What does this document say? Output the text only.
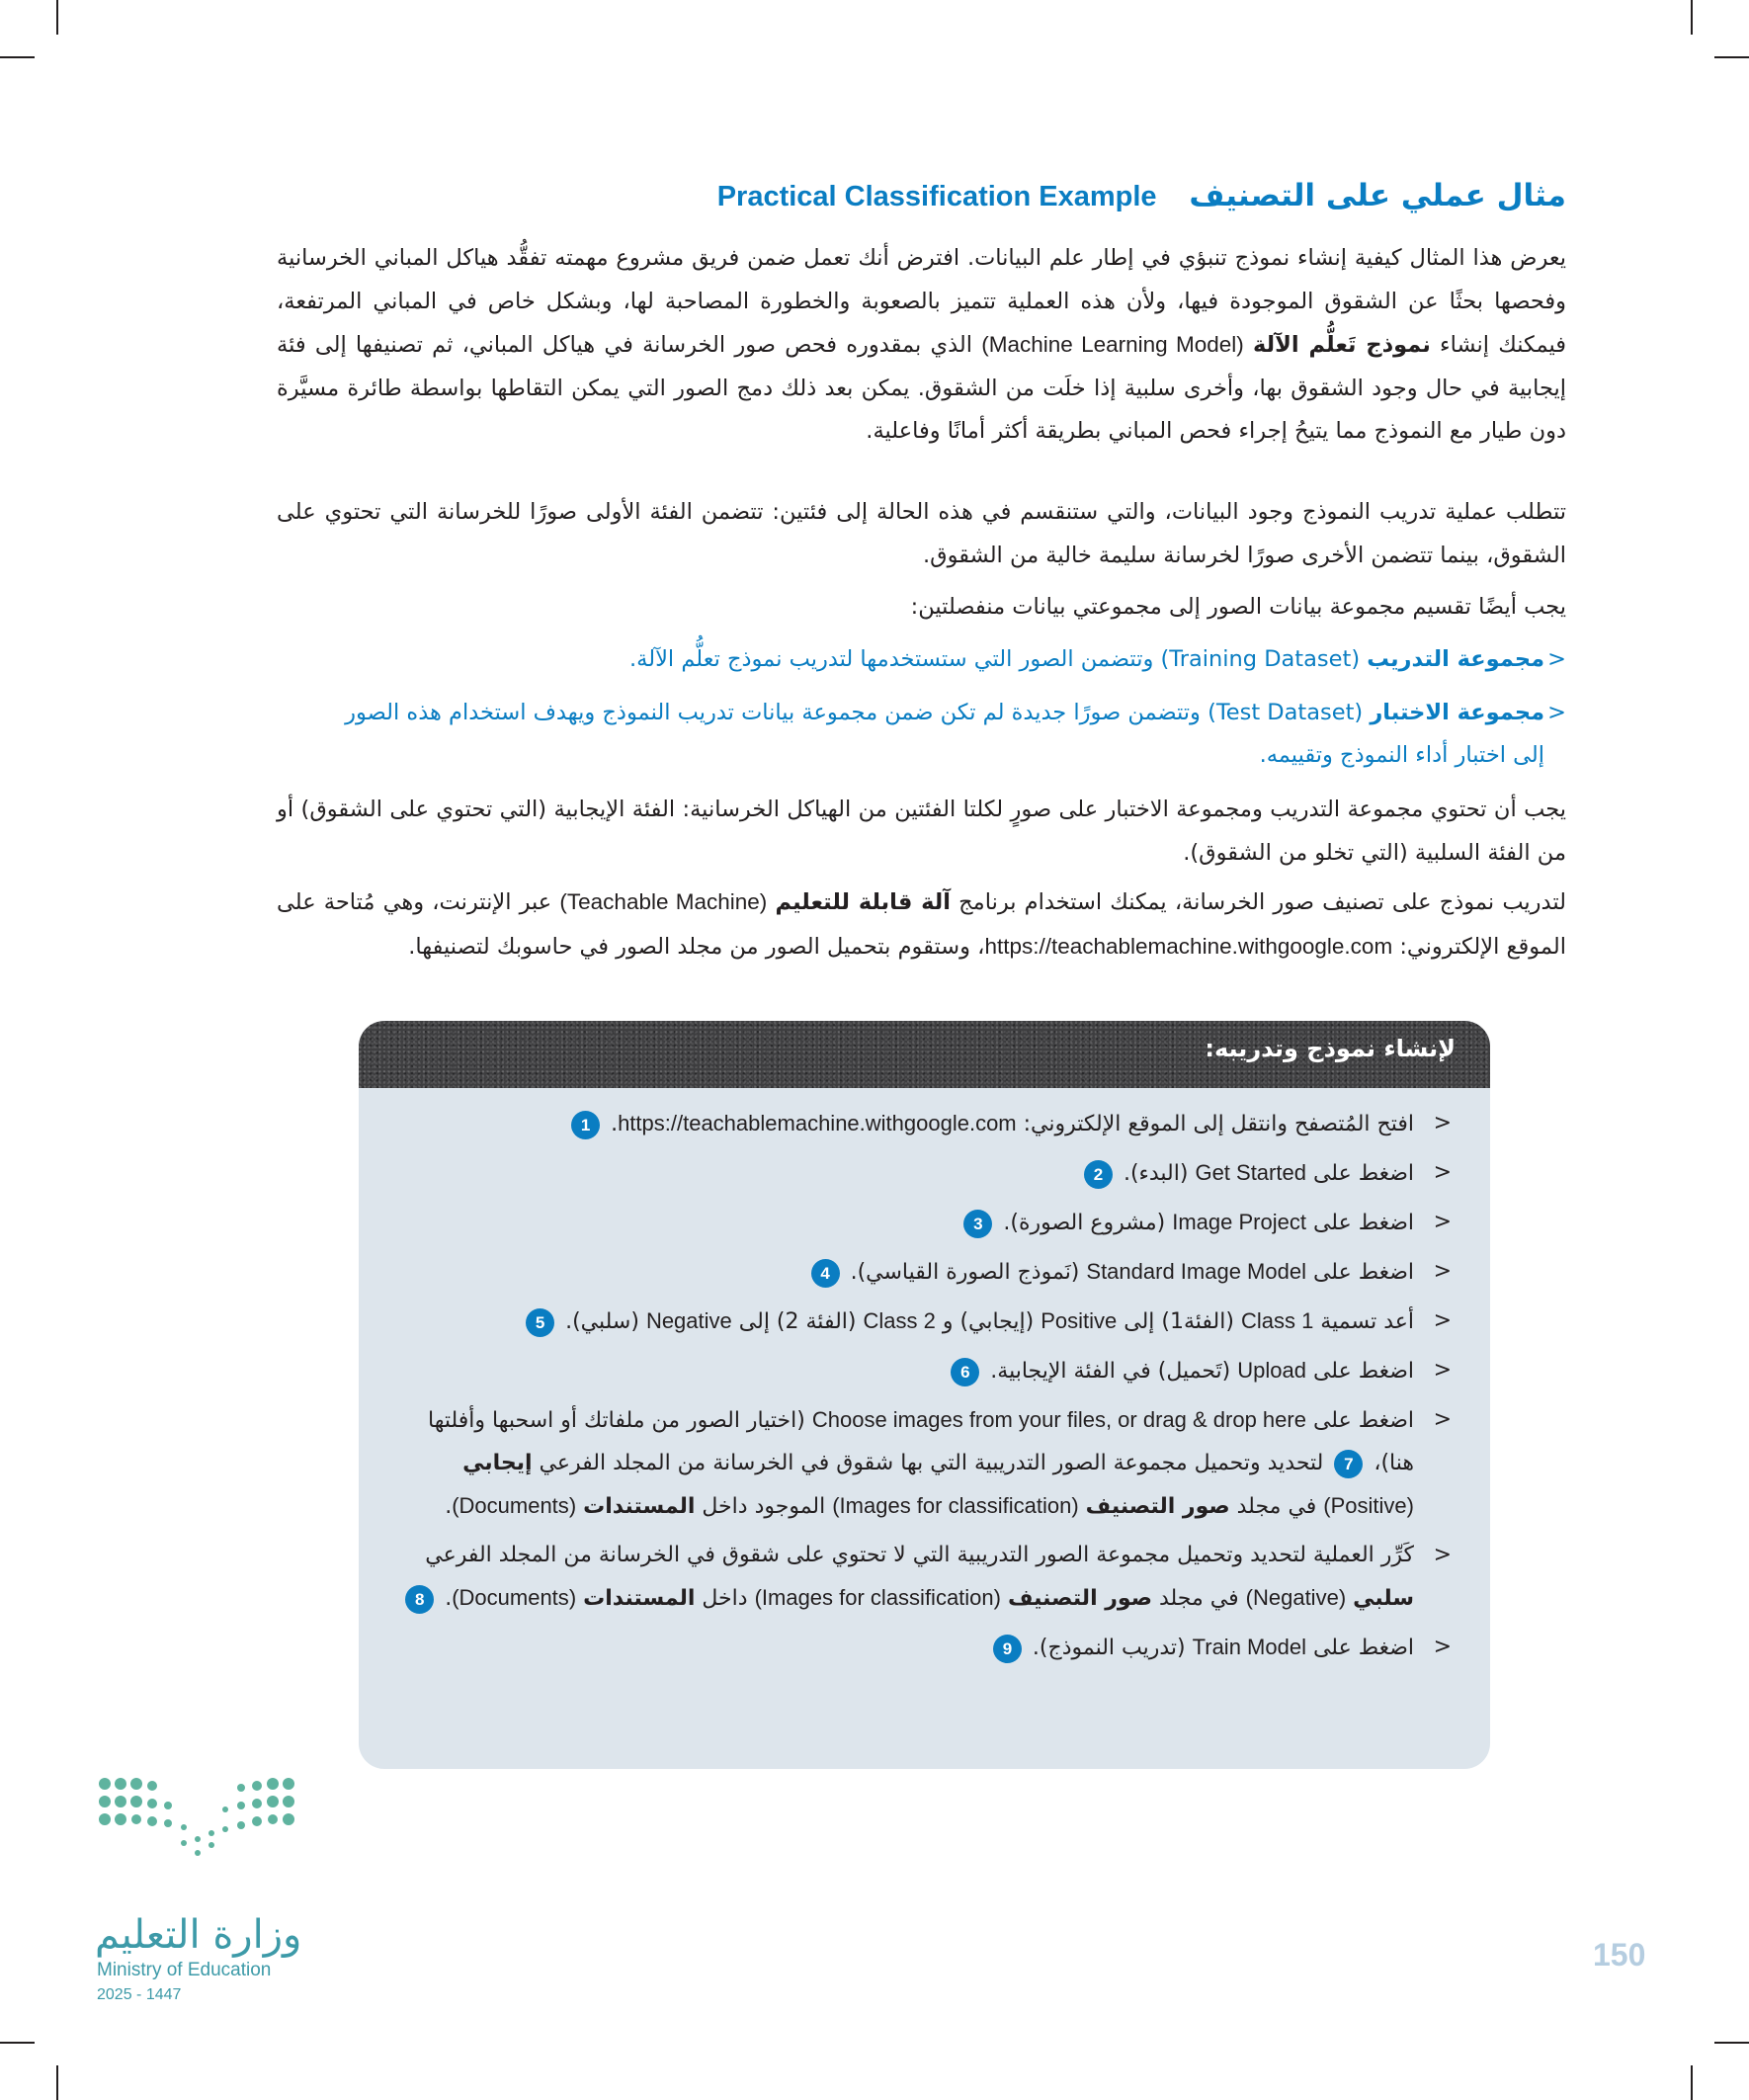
مثال عملي على التصنيف Practical Classification Example

يعرض هذا المثال كيفية إنشاء نموذج تنبؤي في إطار علم البيانات. افترض أنك تعمل ضمن فريق مشروع مهمته تفقُّد هياكل المباني الخرسانية وفحصها بحثًا عن الشقوق الموجودة فيها، ولأن هذه العملية تتميز بالصعوبة والخطورة المصاحبة لها، وبشكل خاص في المباني المرتفعة، فيمكنك إنشاء نموذج تَعلُّم الآلة (Machine Learning Model) الذي بمقدوره فحص صور الخرسانة في هياكل المباني، ثم تصنيفها إلى فئة إيجابية في حال وجود الشقوق بها، وأخرى سلبية إذا خلَت من الشقوق. يمكن بعد ذلك دمج الصور التي يمكن التقاطها بواسطة طائرة مسيَّرة دون طيار مع النموذج مما يتيحُ إجراء فحص المباني بطريقة أكثر أمانًا وفاعلية.

تتطلب عملية تدريب النموذج وجود البيانات، والتي ستنقسم في هذه الحالة إلى فئتين: تتضمن الفئة الأولى صورًا للخرسانة التي تحتوي على الشقوق، بينما تتضمن الأخرى صورًا لخرسانة سليمة خالية من الشقوق.

يجب أيضًا تقسيم مجموعة بيانات الصور إلى مجموعتي بيانات منفصلتين:

<مجموعة التدريب (Training Dataset) وتتضمن الصور التي ستستخدمها لتدريب نموذج تعلُّم الآلة.

<مجموعة الاختبار (Test Dataset) وتتضمن صورًا جديدة لم تكن ضمن مجموعة بيانات تدريب النموذج ويهدف استخدام هذه الصور
إلى اختبار أداء النموذج وتقييمه.

يجب أن تحتوي مجموعة التدريب ومجموعة الاختبار على صورٍ لكلتا الفئتين من الهياكل الخرسانية: الفئة الإيجابية (التي تحتوي على الشقوق) أو من الفئة السلبية (التي تخلو من الشقوق).

لتدريب نموذج على تصنيف صور الخرسانة، يمكنك استخدام برنامج آلة قابلة للتعليم (Teachable Machine) عبر الإنترنت، وهي مُتاحة على الموقع الإلكتروني: https://teachablemachine.withgoogle.com، وستقوم بتحميل الصور من مجلد الصور في حاسوبك لتصنيفها.

لإنشاء نموذج وتدريبه:
<
افتح المُتصفح وانتقل إلى الموقع الإلكتروني: https://teachablemachine.withgoogle.com. 1
<
اضغط على Get Started (البدء). 2
<
اضغط على Image Project (مشروع الصورة). 3
<
اضغط على Standard Image Model (نَموذج الصورة القياسي). 4
<
أعد تسمية Class 1 (الفئة1) إلى Positive (إيجابي) و Class 2 (الفئة 2) إلى Negative (سلبي). 5
<
اضغط على Upload (تَحميل) في الفئة الإيجابية. 6
<
اضغط على Choose images from your files, or drag & drop here (اختيار الصور من ملفاتك أو اسحبها وأفلتها هنا)، 7 لتحديد وتحميل مجموعة الصور التدريبية التي بها شقوق في الخرسانة من المجلد الفرعي إيجابي (Positive) في مجلد صور التصنيف (Images for classification) الموجود داخل المستندات (Documents).
<
كَرِّر العملية لتحديد وتحميل مجموعة الصور التدريبية التي لا تحتوي على شقوق في الخرسانة من المجلد الفرعي سلبي (Negative) في مجلد صور التصنيف (Images for classification) داخل المستندات (Documents). 8
<
اضغط على Train Model (تدريب النموذج). 9
وزارة التعليم
Ministry of Education
2025 - 1447
150
